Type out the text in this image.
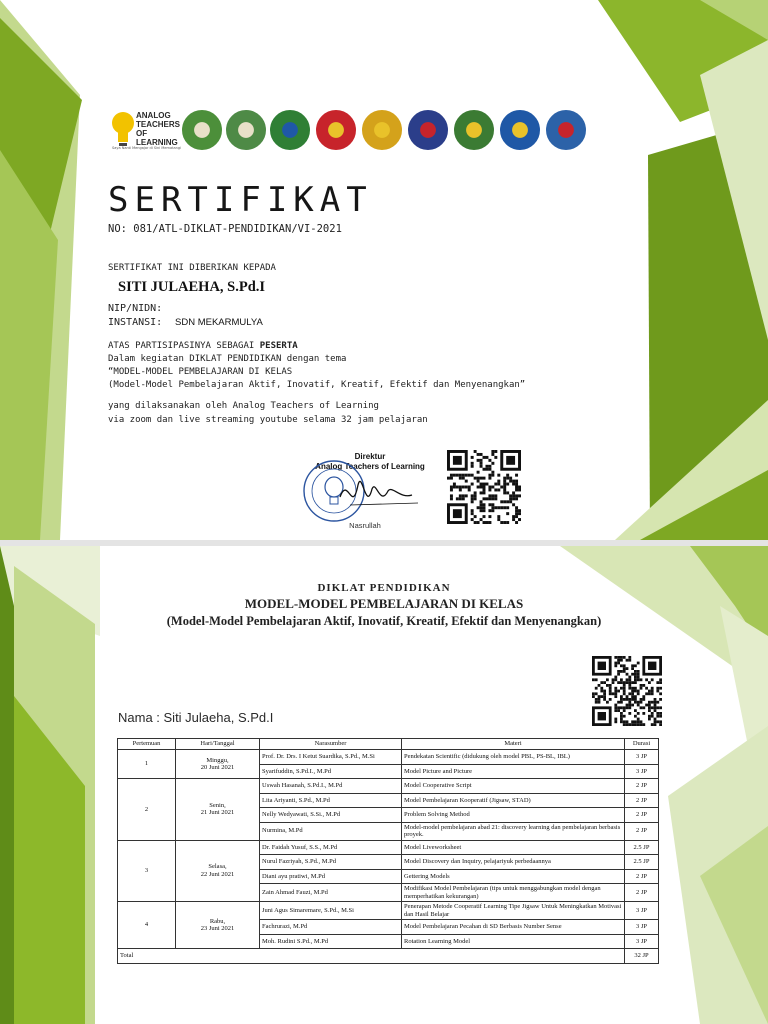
ANALOG
TEACHERS OF
LEARNING
Saya Nanti Mengajar di Sini Mematangi
SERTIFIKAT
NO: 081/ATL-DIKLAT-PENDIDIKAN/VI-2021
SERTIFIKAT INI DIBERIKAN KEPADA
SITI JULAEHA, S.Pd.I
NIP/NIDN:
INSTANSI: SDN MEKARMULYA
ATAS PARTISIPASINYA SEBAGAI PESERTA
Dalam kegiatan DIKLAT PENDIDIKAN dengan tema
“MODEL-MODEL PEMBELAJARAN DI KELAS
(Model-Model Pembelajaran Aktif, Inovatif, Kreatif, Efektif dan Menyenangkan”
yang dilaksanakan oleh Analog Teachers of Learning
via zoom dan live streaming youtube selama 32 jam pelajaran
Direktur
Analog Teachers of Learning
Nasrullah
DIKLAT PENDIDIKAN
MODEL-MODEL PEMBELAJARAN DI KELAS
(Model-Model Pembelajaran Aktif, Inovatif, Kreatif, Efektif dan Menyenangkan)
Nama : Siti Julaeha, S.Pd.I
Pertemuan	Hari/Tanggal	Narasumber	Materi	Durasi
1	Minggu,
20 Juni 2021	Prof. Dr. Drs. I Ketut Suardika, S.Pd., M.Si	Pendekatan Scientific (didukung oleh model PBL, PS-BL, IBL)	3 JP
		Syarifuddin, S.Pd.I., M.Pd	Model Picture and Picture	3 JP
2	Senin,
21 Juni 2021	Uswah Hasanah, S.Pd.I., M.Pd	Model Cooperative Script	2 JP
		Lita Ariyanti, S.Pd., M.Pd	Model Pembelajaran Kooperatif (Jigsaw, STAD)	2 JP
		Nelly Wedyawati, S.Si., M.Pd	Problem Solving Method	2 JP
		Nurmina, M.Pd	Model-model pembelajaran abad 21: discovery learning dan pembelajaran berbasis proyek.	2 JP
3	Selasa,
22 Juni 2021	Dr. Faidah Yusuf, S.S., M.Pd	Model Liveworksheet	2.5 JP
		Nurul Fazriyah, S.Pd., M.Pd	Model Discovery dan Inquiry, pelajariyuk perbedaannya	2.5 JP
		Diani ayu pratiwi, M.Pd	Gettering Models	2 JP
		Zain Ahmad Fauzi, M.Pd	Modifikasi Model Pembelajaran (tips untuk menggabungkan model dengan memperhatikan kekurangan)	2 JP
4	Rabu,
23 Juni 2021	Juni Agus Simaremare, S.Pd., M.Si	Penerapan Metode Cooperatif Learning Tipe Jigsaw Untuk Meningkatkan Motivasi dan Hasil Belajar	3 JP
		Fachrurazi, M.Pd	Model Pembelajaran Pecahan di SD Berbasis Number Sense	3 JP
		Moh. Rudini S.Pd., M.Pd	Rotation Learning Model	3 JP
Total				32 JP
